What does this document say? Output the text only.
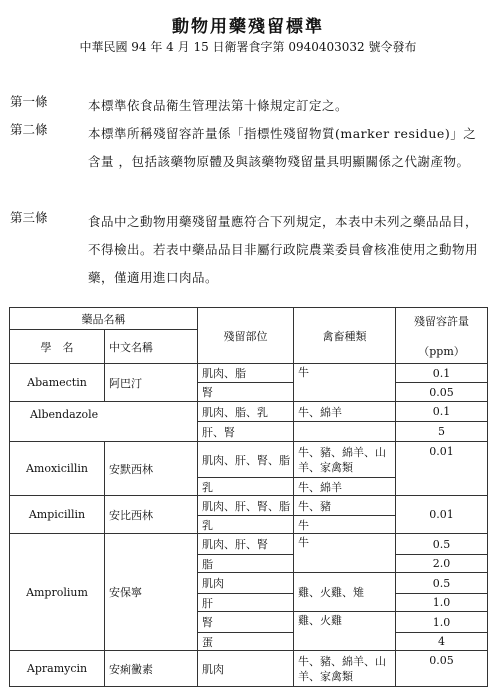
動物用藥殘留標準
中華民國 94 年 4 月 15 日衛署食字第 0940403032 號令發布
第一條	本標準依食品衛生管理法第十條規定訂定之。
第二條	本標準所稱殘留容許量係「指標性殘留物質(marker residue)」之含量 ，包括該藥物原體及與該藥物殘留量具明顯關係之代謝產物。
第三條	食品中之動物用藥殘留量應符合下列規定，本表中未列之藥品品目，不得檢出。若表中藥品品目非屬行政院農業委員會核准使用之動物用藥，僅適用進口肉品。
藥品名稱		殘留部位	禽畜種類	殘留容許量
（ppm）

學　名	中文名稱			
Abamectin	阿巴汀	肌肉、脂	牛	0.1
		腎		0.05
Albendazole		肌肉、脂、乳	牛、綿羊	0.1
		肝、腎		5
Amoxicillin	安默西林	肌肉、肝、腎、脂	牛、豬、綿羊、山羊、家禽類	0.01
		乳	牛、綿羊	
Ampicillin	安比西林	肌肉、肝、腎、脂	牛、豬	0.01
		乳	牛	
Amprolium	安保寧	肌肉、肝、腎	牛	0.5
		脂		2.0
		肌肉	雞、火雞、雉	0.5
		肝		1.0
		腎	雞、火雞	1.0
		蛋		4
Apramycin	安痢黴素	肌肉	牛、豬、綿羊、山羊、家禽類	0.05
